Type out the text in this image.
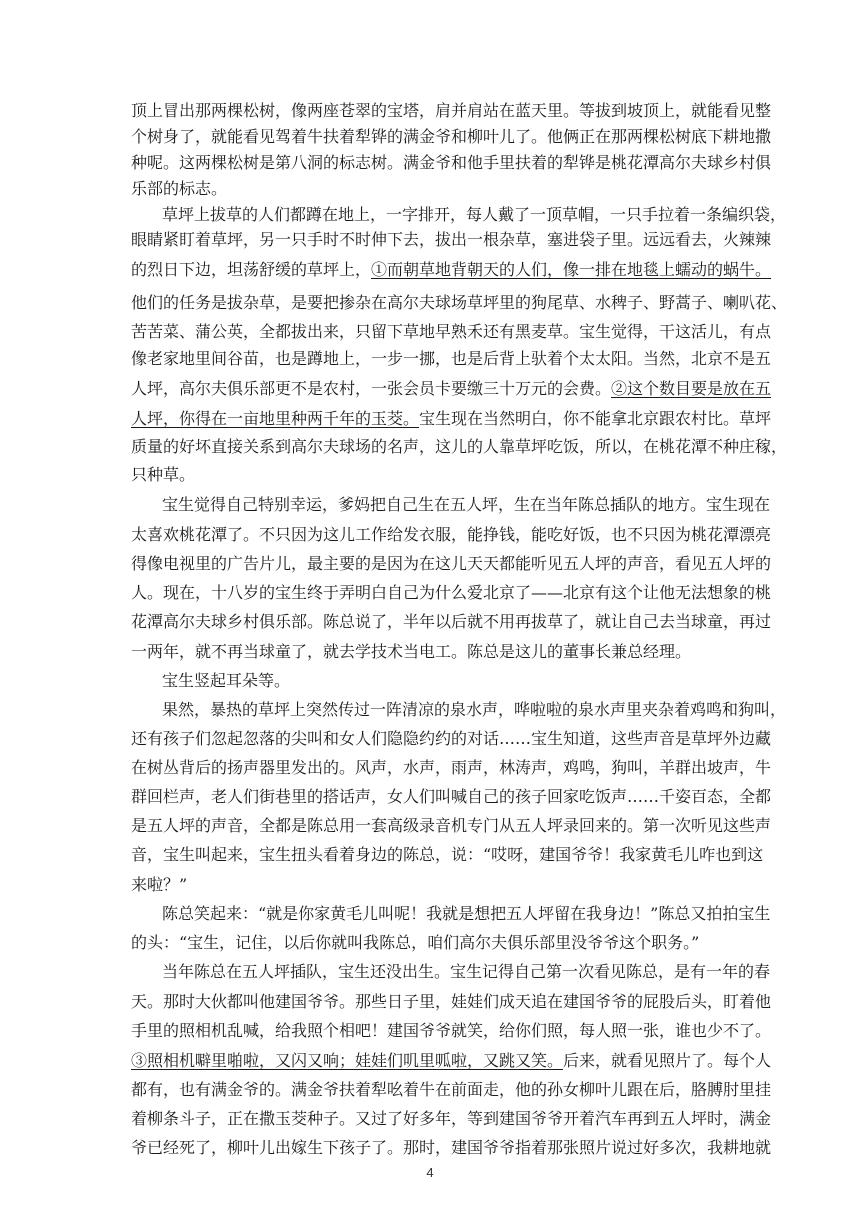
顶上冒出那两棵松树，像两座苍翠的宝塔，肩并肩站在蓝天里。等拔到坡顶上，就能看见整
个树身了，就能看见驾着牛扶着犁铧的满金爷和柳叶儿了。他俩正在那两棵松树底下耕地撒
种呢。这两棵松树是第八洞的标志树。满金爷和他手里扶着的犁铧是桃花潭高尔夫球乡村俱
乐部的标志。
草坪上拔草的人们都蹲在地上，一字排开，每人戴了一顶草帽，一只手拉着一条编织袋，
眼睛紧盯着草坪，另一只手时不时伸下去，拔出一根杂草，塞进袋子里。远远看去，火辣辣
的烈日下边，坦荡舒缓的草坪上，①而朝草地背朝天的人们，像一排在地毯上蠕动的蜗牛。
他们的任务是拔杂草，是要把掺杂在高尔夫球场草坪里的狗尾草、水稗子、野蒿子、喇叭花、
苦苦菜、蒲公英，全都拔出来，只留下草地早熟禾还有黑麦草。宝生觉得，干这活儿，有点
像老家地里间谷苗，也是蹲地上，一步一挪，也是后背上驮着个太太阳。当然，北京不是五
人坪，高尔夫俱乐部更不是农村，一张会员卡要缴三十万元的会费。②这个数目要是放在五
人坪，你得在一亩地里种两千年的玉茭。宝生现在当然明白，你不能拿北京跟农村比。草坪
质量的好坏直接关系到高尔夫球场的名声，这儿的人靠草坪吃饭，所以，在桃花潭不种庄稼，
只种草。
宝生觉得自己特别幸运，爹妈把自己生在五人坪，生在当年陈总插队的地方。宝生现在
太喜欢桃花潭了。不只因为这儿工作给发衣服，能挣钱，能吃好饭，也不只因为桃花潭漂亮
得像电视里的广告片儿，最主要的是因为在这儿天天都能听见五人坪的声音，看见五人坪的
人。现在，十八岁的宝生终于弄明白自己为什么爱北京了——北京有这个让他无法想象的桃
花潭高尔夫球乡村俱乐部。陈总说了，半年以后就不用再拔草了，就让自己去当球童，再过
一两年，就不再当球童了，就去学技术当电工。陈总是这儿的董事长兼总经理。
宝生竖起耳朵等。
果然，暴热的草坪上突然传过一阵清凉的泉水声，哗啦啦的泉水声里夹杂着鸡鸣和狗叫，
还有孩子们忽起忽落的尖叫和女人们隐隐约约的对话……宝生知道，这些声音是草坪外边藏
在树丛背后的扬声器里发出的。风声，水声，雨声，林涛声，鸡鸣，狗叫，羊群出坡声，牛
群回栏声，老人们街巷里的搭话声，女人们叫喊自己的孩子回家吃饭声……千姿百态，全都
是五人坪的声音，全都是陈总用一套高级录音机专门从五人坪录回来的。第一次听见这些声
音，宝生叫起来，宝生扭头看着身边的陈总，说：“哎呀，建国爷爷！我家黄毛儿咋也到这
来啦？”
陈总笑起来：“就是你家黄毛儿叫呢！我就是想把五人坪留在我身边！”陈总又拍拍宝生
的头：“宝生，记住，以后你就叫我陈总，咱们高尔夫俱乐部里没爷爷这个职务。”
当年陈总在五人坪插队，宝生还没出生。宝生记得自己第一次看见陈总，是有一年的春
天。那时大伙都叫他建国爷爷。那些日子里，娃娃们成天追在建国爷爷的屁股后头，盯着他
手里的照相机乱喊，给我照个相吧！建国爷爷就笑，给你们照，每人照一张，谁也少不了。
③照相机噼里啪啦，又闪又响；娃娃们叽里呱啦，又跳又笑。后来，就看见照片了。每个人
都有，也有满金爷的。满金爷扶着犁吆着牛在前面走，他的孙女柳叶儿跟在后，胳膊肘里挂
着柳条斗子，正在撒玉茭种子。又过了好多年，等到建国爷爷开着汽车再到五人坪时，满金
爷已经死了，柳叶儿出嫁生下孩子了。那时，建国爷爷指着那张照片说过好多次，我耕地就
4
